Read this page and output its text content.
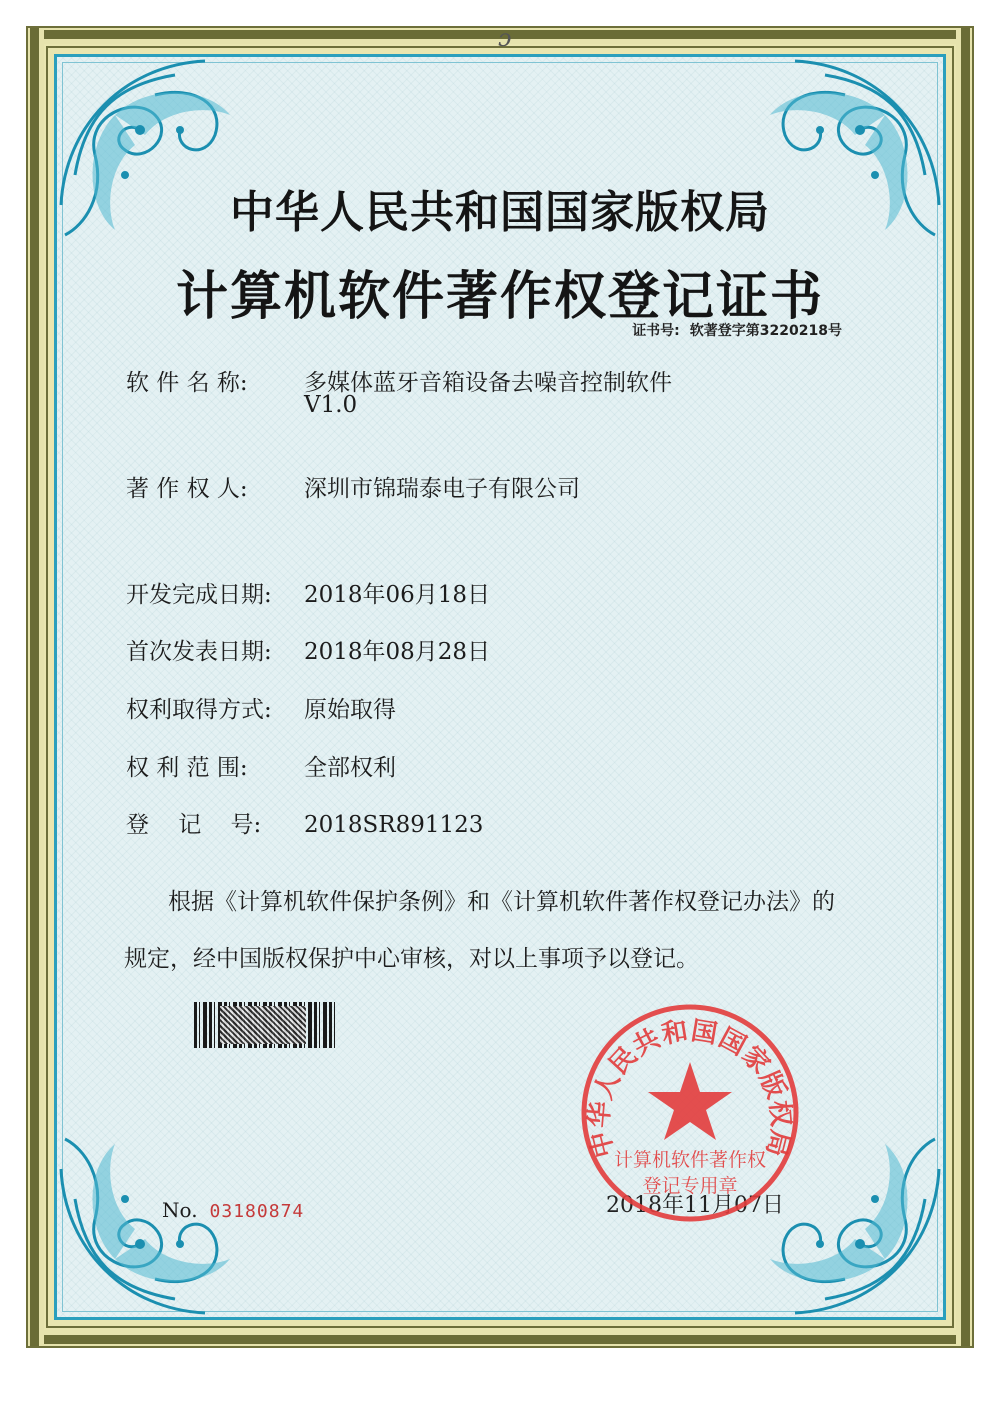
ɔ
中华人民共和国国家版权局
计算机软件著作权登记证书
证书号: 软著登字第3220218号
软 件 名 称: 多媒体蓝牙音箱设备去噪音控制软件
V1.0
著 作 权 人: 深圳市锦瑞泰电子有限公司
开发完成日期: 2018年06月18日
首次发表日期: 2018年08月28日
权利取得方式: 原始取得
权 利 范 围: 全部权利
登    记    号: 2018SR891123
根据《计算机软件保护条例》和《计算机软件著作权登记办法》的
规定，经中国版权保护中心审核，对以上事项予以登记。
No. 03180874	2018年11月07日
中华人民共和国国家版权局
计算机软件著作权
登记专用章
